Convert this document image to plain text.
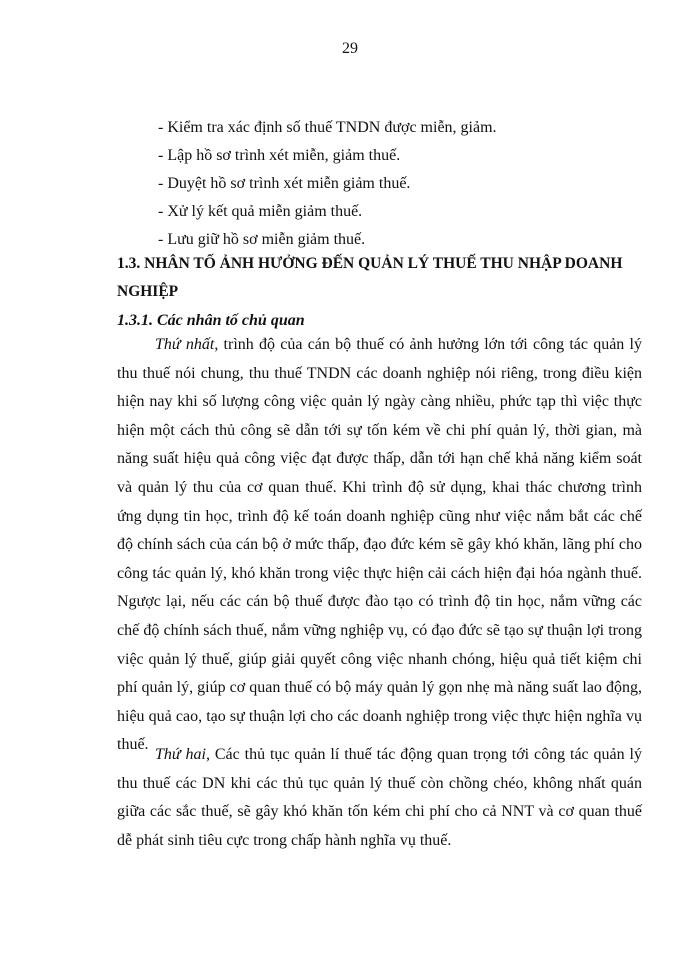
29
- Kiểm tra xác định số thuế TNDN được miễn, giảm.
- Lập hồ sơ trình xét miễn, giảm thuế.
- Duyệt hồ sơ trình xét miễn giảm thuế.
- Xử lý kết quả miễn giảm thuế.
- Lưu giữ hồ sơ miễn giảm thuế.
1.3. NHÂN TỐ ẢNH HƯỞNG ĐẾN QUẢN LÝ THUẾ THU NHẬP DOANH NGHIỆP
1.3.1. Các nhân tố chủ quan

Thứ nhất, trình độ của cán bộ thuế có ảnh hưởng lớn tới công tác quản lý thu thuế nói chung, thu thuế TNDN các doanh nghiệp nói riêng, trong điều kiện hiện nay khi số lượng công việc quản lý ngày càng nhiều, phức tạp thì việc thực hiện một cách thủ công sẽ dẫn tới sự tốn kém về chi phí quản lý, thời gian, mà năng suất hiệu quả công việc đạt được thấp, dẫn tới hạn chế khả năng kiểm soát và quản lý thu của cơ quan thuế. Khi trình độ sử dụng, khai thác chương trình ứng dụng tin học, trình độ kế toán doanh nghiệp cũng như việc nắm bắt các chế độ chính sách của cán bộ ở mức thấp, đạo đức kém sẽ gây khó khăn, lãng phí cho công tác quản lý, khó khăn trong việc thực hiện cải cách hiện đại hóa ngành thuế. Ngược lại, nếu các cán bộ thuế được đào tạo có trình độ tin học, nắm vững các chế độ chính sách thuế, nắm vững nghiệp vụ, có đạo đức sẽ tạo sự thuận lợi trong việc quản lý thuế, giúp giải quyết công việc nhanh chóng, hiệu quả tiết kiệm chi phí quản lý, giúp cơ quan thuế có bộ máy quản lý gọn nhẹ mà năng suất lao động, hiệu quả cao, tạo sự thuận lợi cho các doanh nghiệp trong việc thực hiện nghĩa vụ thuế.

Thứ hai, Các thủ tục quản lí thuế tác động quan trọng tới công tác quản lý thu thuế các DN khi các thủ tục quản lý thuế còn chồng chéo, không nhất quán giữa các sắc thuế, sẽ gây khó khăn tốn kém chi phí cho cả NNT và cơ quan thuế dễ phát sinh tiêu cực trong chấp hành nghĩa vụ thuế.
